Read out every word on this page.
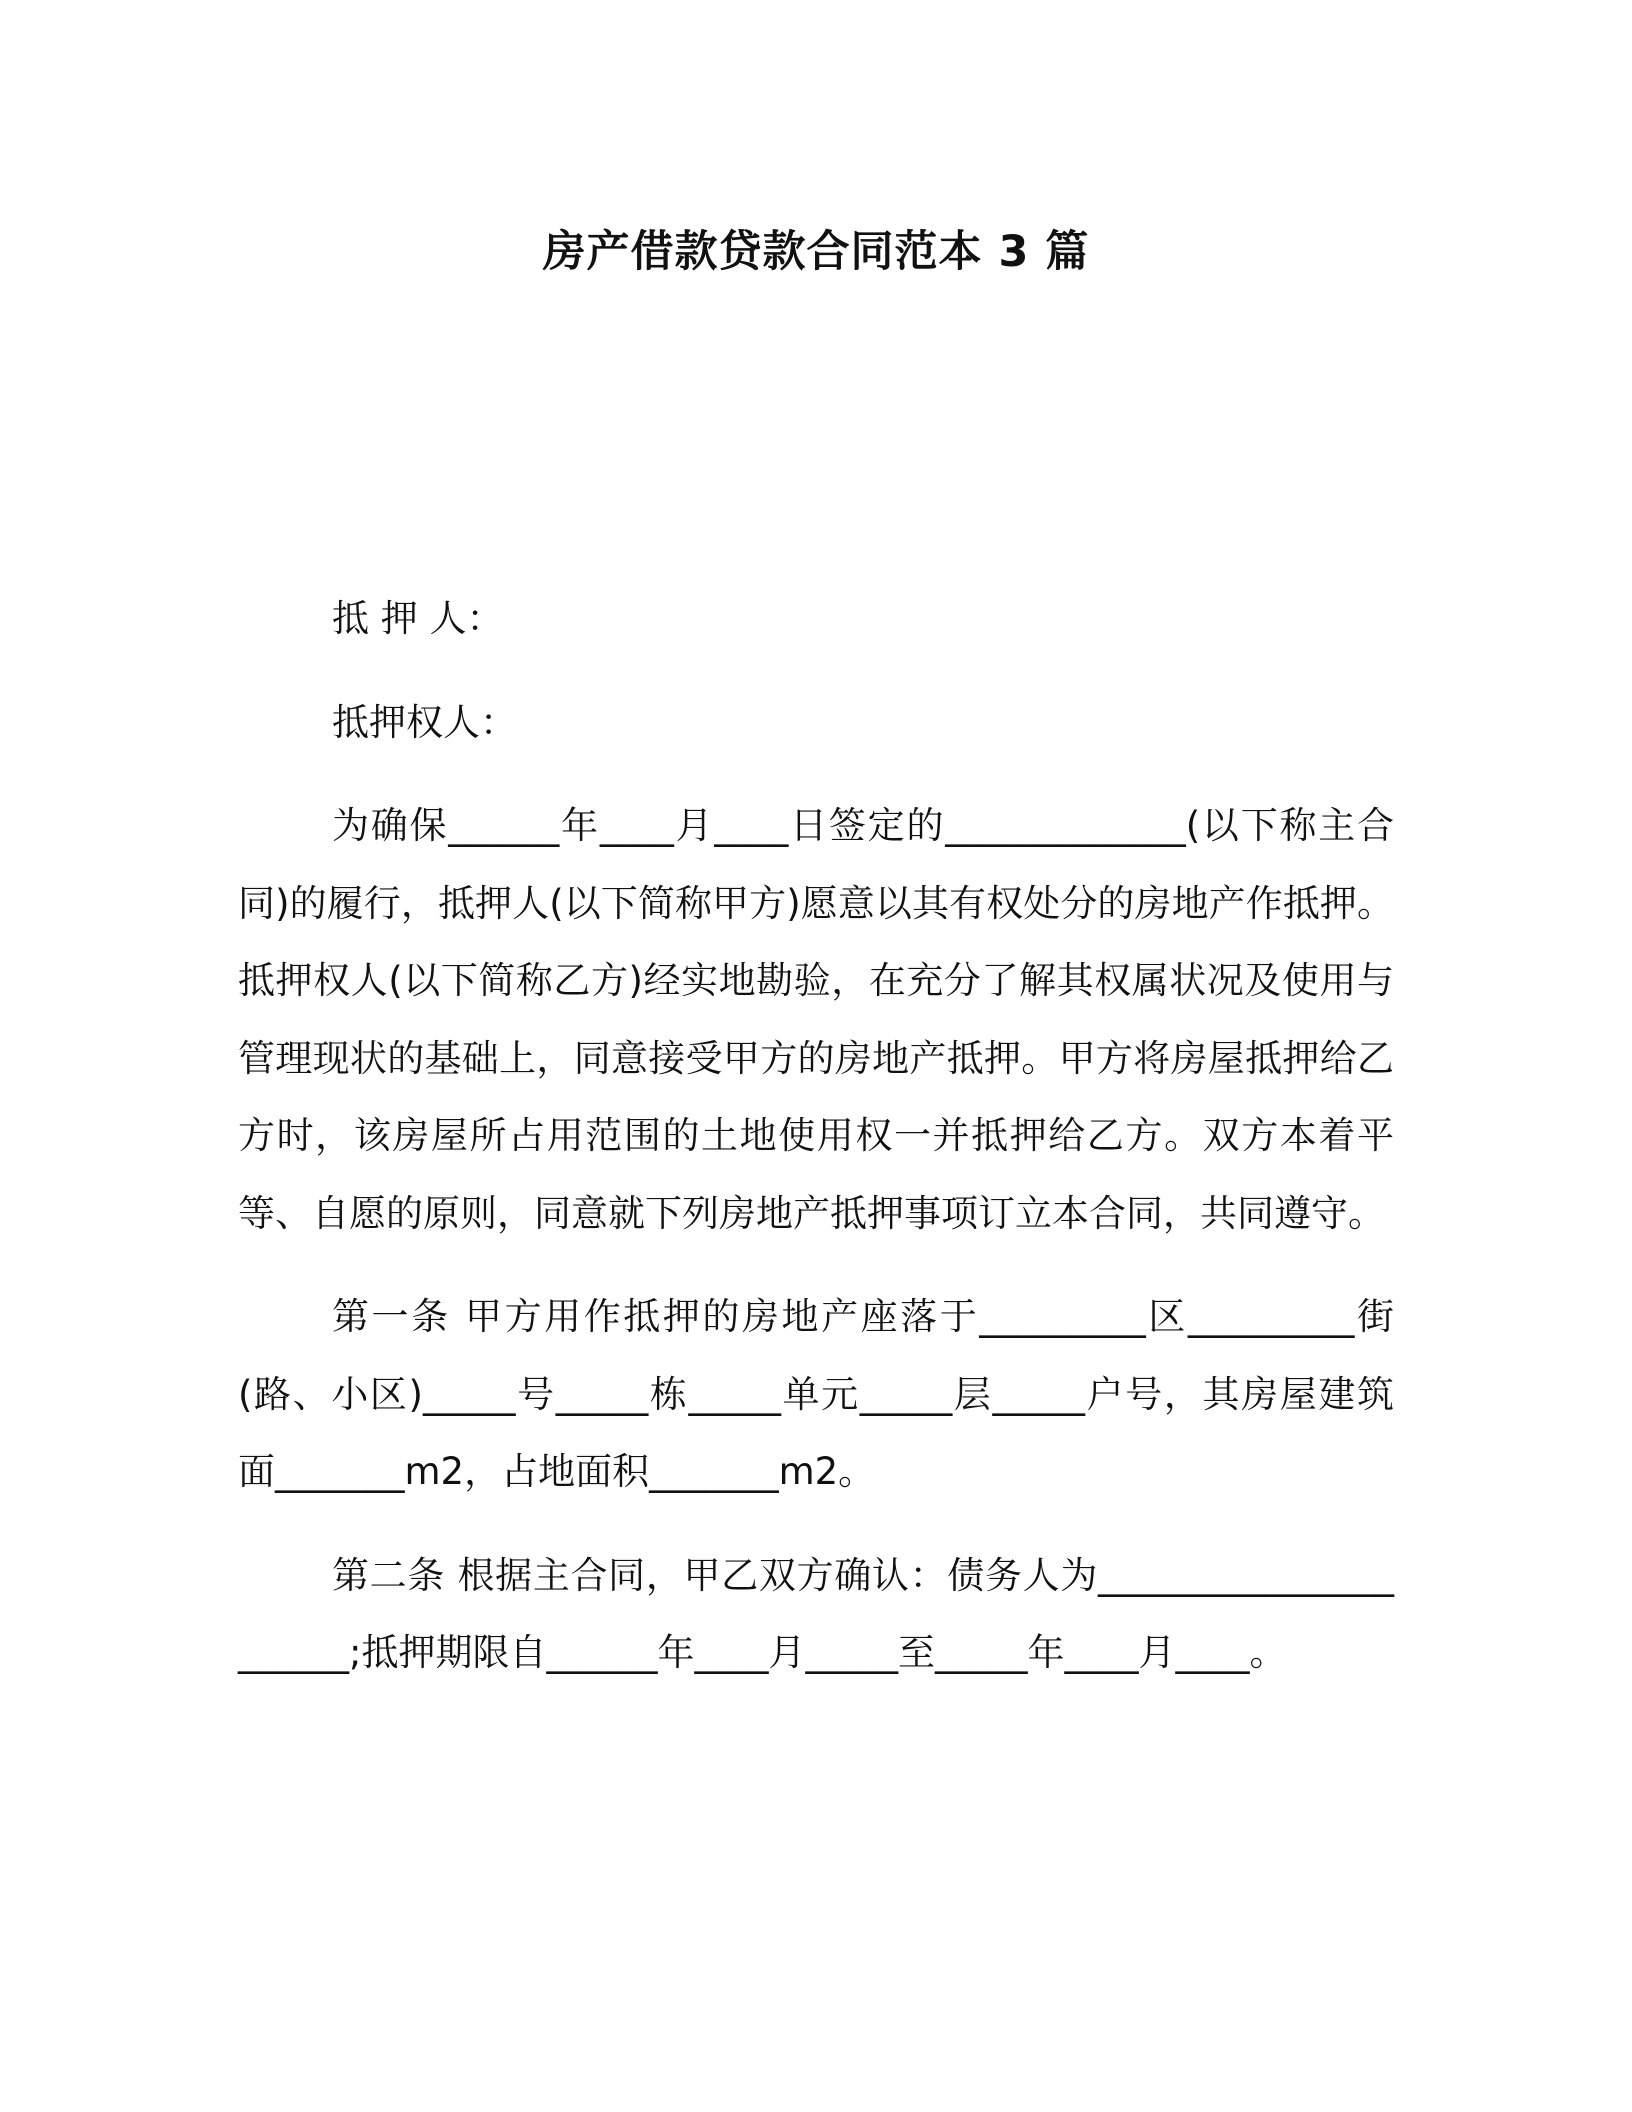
房产借款贷款合同范本 3 篇

抵 押 人：

抵押权人：

为确保______年____月____日签定的_____________(以下称主合同)的履行，抵押人(以下简称甲方)愿意以其有权处分的房地产作抵押。抵押权人(以下简称乙方)经实地勘验，在充分了解其权属状况及使用与管理现状的基础上，同意接受甲方的房地产抵押。甲方将房屋抵押给乙方时，该房屋所占用范围的土地使用权一并抵押给乙方。双方本着平等、自愿的原则，同意就下列房地产抵押事项订立本合同，共同遵守。

第一条 甲方用作抵押的房地产座落于_________区_________街(路、小区)_____号_____栋_____单元_____层_____户号，其房屋建筑面_______m2，占地面积_______m2。

第二条 根据主合同，甲乙双方确认：债务人为______________________;抵押期限自______年____月_____至_____年____月____。
